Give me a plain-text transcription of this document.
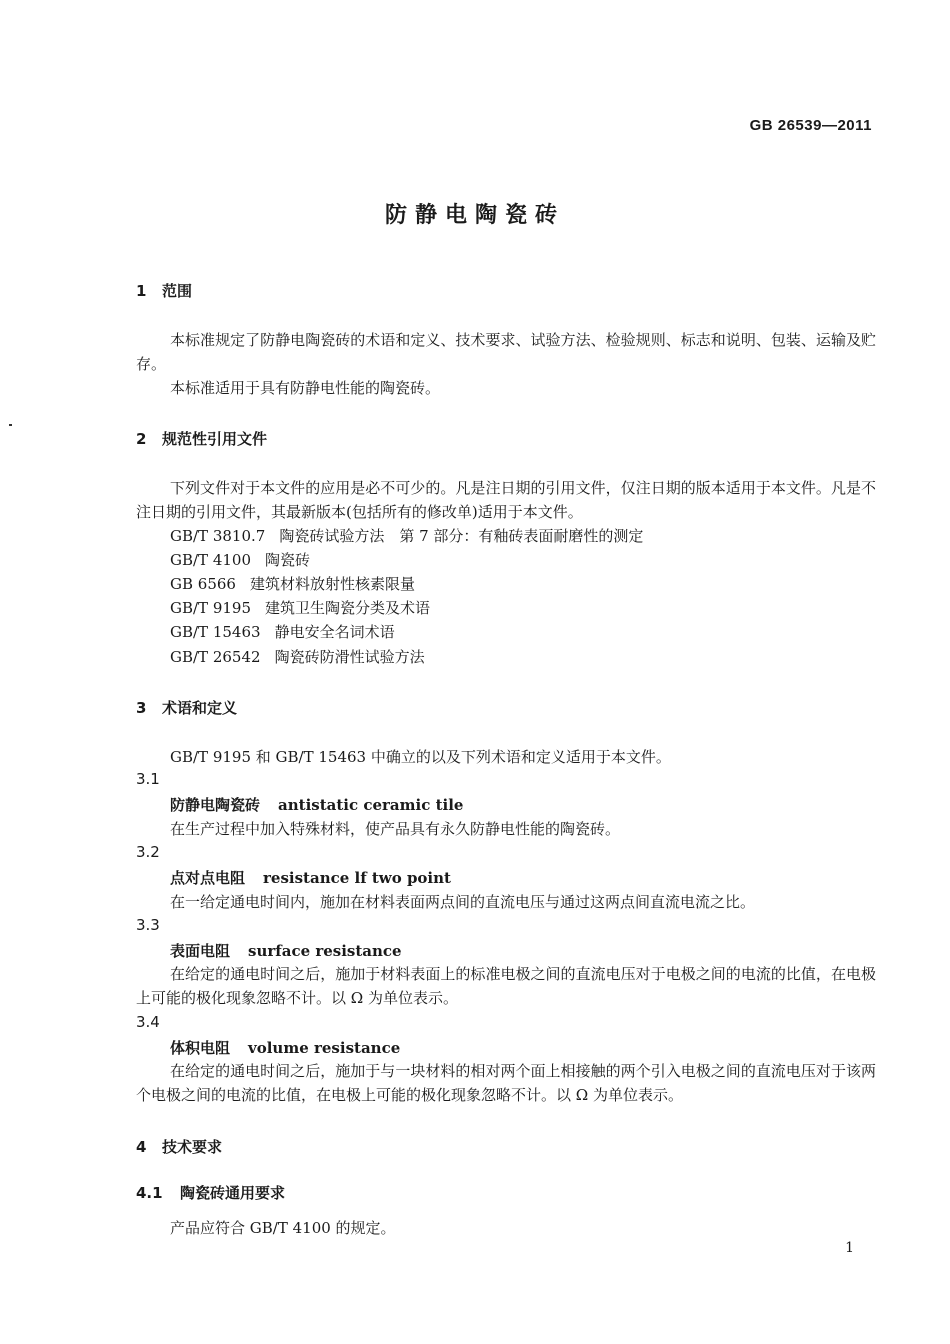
GB 26539—2011
防静电陶瓷砖
1 范围
本标准规定了防静电陶瓷砖的术语和定义、技术要求、试验方法、检验规则、标志和说明、包装、运输及贮存。
本标准适用于具有防静电性能的陶瓷砖。
2 规范性引用文件
下列文件对于本文件的应用是必不可少的。凡是注日期的引用文件，仅注日期的版本适用于本文件。凡是不注日期的引用文件，其最新版本(包括所有的修改单)适用于本文件。
GB/T 3810.7 陶瓷砖试验方法　第 7 部分：有釉砖表面耐磨性的测定
GB/T 4100 陶瓷砖
GB 6566 建筑材料放射性核素限量
GB/T 9195 建筑卫生陶瓷分类及术语
GB/T 15463 静电安全名词术语
GB/T 26542 陶瓷砖防滑性试验方法
3 术语和定义
GB/T 9195 和 GB/T 15463 中确立的以及下列术语和定义适用于本文件。
3.1
防静电陶瓷砖 antistatic ceramic tile
在生产过程中加入特殊材料，使产品具有永久防静电性能的陶瓷砖。
3.2
点对点电阻 resistance lf two point
在一给定通电时间内，施加在材料表面两点间的直流电压与通过这两点间直流电流之比。
3.3
表面电阻 surface resistance
在给定的通电时间之后，施加于材料表面上的标准电极之间的直流电压对于电极之间的电流的比值，在电极上可能的极化现象忽略不计。以 Ω 为单位表示。
3.4
体积电阻 volume resistance
在给定的通电时间之后，施加于与一块材料的相对两个面上相接触的两个引入电极之间的直流电压对于该两个电极之间的电流的比值，在电极上可能的极化现象忽略不计。以 Ω 为单位表示。
4 技术要求
4.1 陶瓷砖通用要求
产品应符合 GB/T 4100 的规定。
1
